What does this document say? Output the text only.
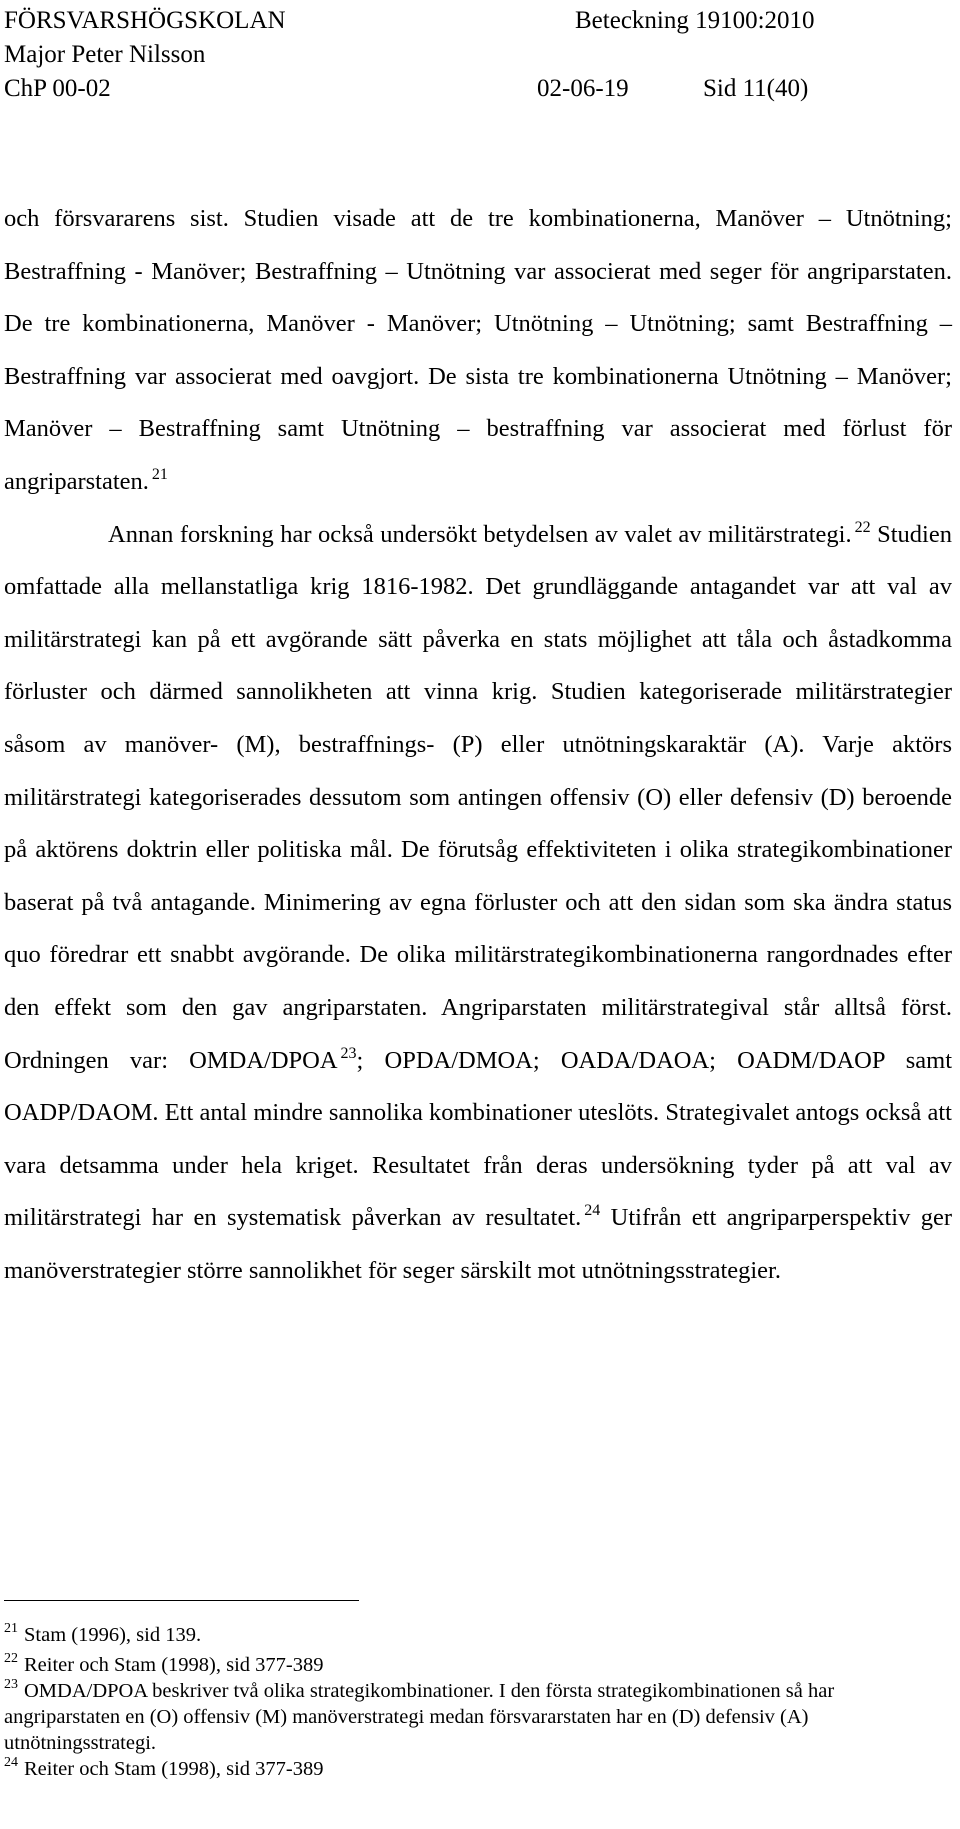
FÖRSVARSHÖGSKOLAN	Beteckning 19100:2010
Major Peter Nilsson
ChP 00-02	02-06-19	Sid 11(40)

och försvararens sist. Studien visade att de tre kombinationerna, Manöver – Utnötning; Bestraffning - Manöver; Bestraffning – Utnötning var associerat med seger för angriparstaten. De tre kombinationerna, Manöver - Manöver; Utnötning – Utnötning; samt Bestraffning – Bestraffning var associerat med oavgjort. De sista tre kombinationerna Utnötning – Manöver; Manöver – Bestraffning samt Utnötning – bestraffning var associerat med förlust för angriparstaten. $^{21}$

Annan forskning har också undersökt betydelsen av valet av militärstrategi. $^{22}$ Studien omfattade alla mellanstatliga krig 1816-1982. Det grundläggande antagandet var att val av militärstrategi kan på ett avgörande sätt påverka en stats möjlighet att tåla och åstadkomma förluster och därmed sannolikheten att vinna krig. Studien kategoriserade militärstrategier såsom av manöver- (M), bestraffnings- (P) eller utnötningskaraktär (A). Varje aktörs militärstrategi kategoriserades dessutom som antingen offensiv (O) eller defensiv (D) beroende på aktörens doktrin eller politiska mål. De förutsåg effektiviteten i olika strategikombinationer baserat på två antagande. Minimering av egna förluster och att den sidan som ska ändra status quo föredrar ett snabbt avgörande. De olika militärstrategikombinationerna rangordnades efter den effekt som den gav angriparstaten. Angriparstaten militärstrategival står alltså först. Ordningen var: OMDA/DPOA $^{23}$; OPDA/DMOA; OADA/DAOA; OADM/DAOP samt OADP/DAOM. Ett antal mindre sannolika kombinationer uteslöts. Strategivalet antogs också att vara detsamma under hela kriget. Resultatet från deras undersökning tyder på att val av militärstrategi har en systematisk påverkan av resultatet. $^{24}$ Utifrån ett angriparperspektiv ger manöverstrategier större sannolikhet för seger särskilt mot utnötningsstrategier.

$^{21}$ Stam (1996), sid 139.

$^{22}$ Reiter och Stam (1998), sid 377-389

$^{23}$ OMDA/DPOA beskriver två olika strategikombinationer. I den första strategikombinationen så har angriparstaten en (O) offensiv (M) manöverstrategi medan försvararstaten har en (D) defensiv (A) utnötningsstrategi.

$^{24}$ Reiter och Stam (1998), sid 377-389
